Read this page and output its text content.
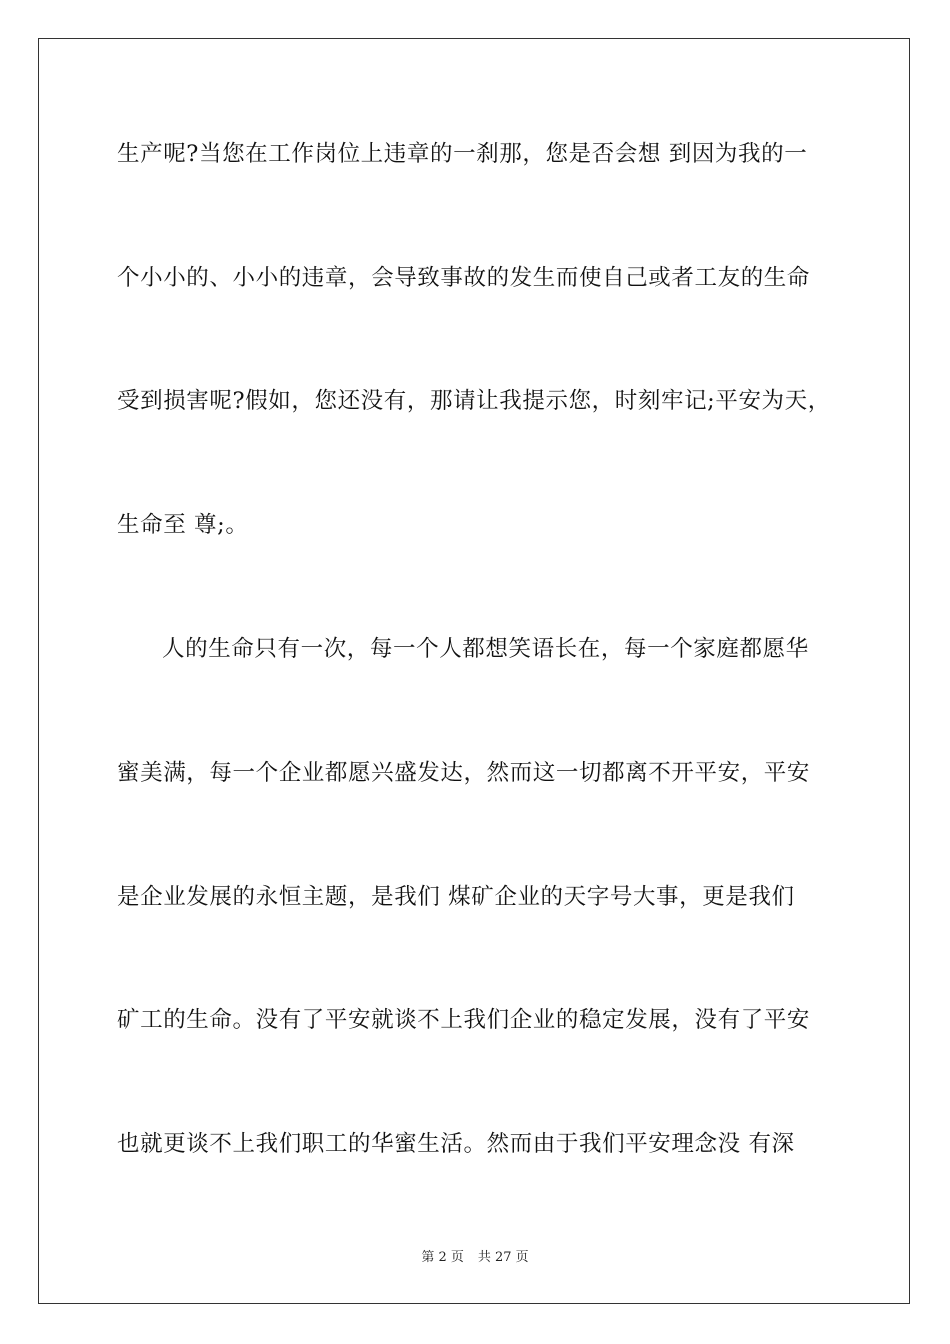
生产呢?当您在工作岗位上违章的一刹那，您是否会想 到因为我的一
个小小的、小小的违章，会导致事故的发生而使自己或者工友的生命
受到损害呢?假如，您还没有，那请让我提示您，时刻牢记;平安为天，
生命至 尊;。
人的生命只有一次，每一个人都想笑语长在，每一个家庭都愿华
蜜美满，每一个企业都愿兴盛发达，然而这一切都离不开平安，平安
是企业发展的永恒主题，是我们 煤矿企业的天字号大事，更是我们
矿工的生命。没有了平安就谈不上我们企业的稳定发展，没有了平安
也就更谈不上我们职工的华蜜生活。然而由于我们平安理念没 有深
第 2 页 共 27 页
